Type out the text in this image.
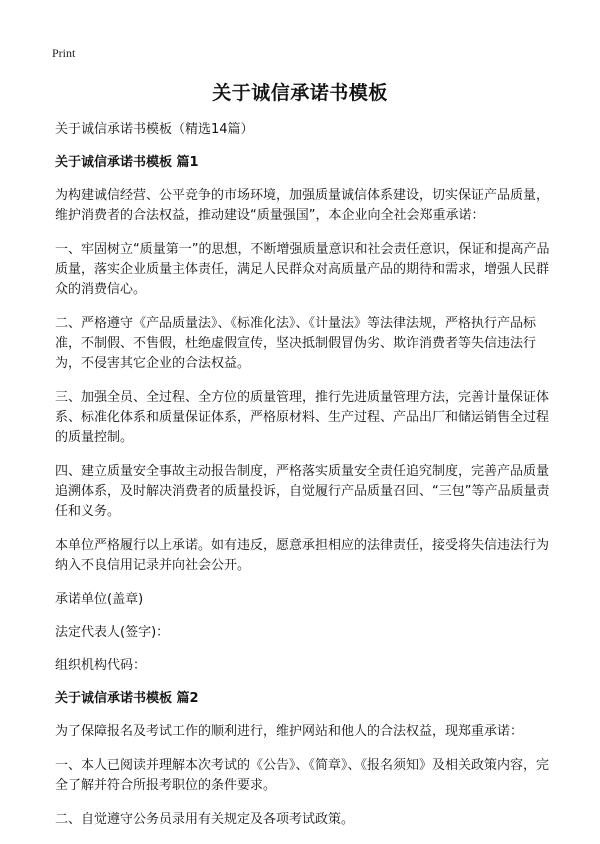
Print
关于诚信承诺书模板

关于诚信承诺书模板（精选14篇）

关于诚信承诺书模板 篇1

为构建诚信经营、公平竞争的市场环境，加强质量诚信体系建设，切实保证产品质量，维护消费者的合法权益，推动建设“质量强国”，本企业向全社会郑重承诺：

一、牢固树立“质量第一”的思想，不断增强质量意识和社会责任意识，保证和提高产品质量，落实企业质量主体责任，满足人民群众对高质量产品的期待和需求，增强人民群众的消费信心。

二、严格遵守《产品质量法》、《标准化法》、《计量法》等法律法规，严格执行产品标准，不制假、不售假，杜绝虚假宣传，坚决抵制假冒伪劣、欺诈消费者等失信违法行为，不侵害其它企业的合法权益。

三、加强全员、全过程、全方位的质量管理，推行先进质量管理方法，完善计量保证体系、标准化体系和质量保证体系，严格原材料、生产过程、产品出厂和储运销售全过程的质量控制。

四、建立质量安全事故主动报告制度，严格落实质量安全责任追究制度，完善产品质量追溯体系，及时解决消费者的质量投诉，自觉履行产品质量召回、“三包”等产品质量责任和义务。

本单位严格履行以上承诺。如有违反，愿意承担相应的法律责任，接受将失信违法行为纳入不良信用记录并向社会公开。

承诺单位(盖章)

法定代表人(签字)：

组织机构代码：

关于诚信承诺书模板 篇2

为了保障报名及考试工作的顺利进行，维护网站和他人的合法权益，现郑重承诺：

一、本人已阅读并理解本次考试的《公告》、《简章》、《报名须知》及相关政策内容，完全了解并符合所报考职位的条件要求。

二、自觉遵守公务员录用有关规定及各项考试政策。
